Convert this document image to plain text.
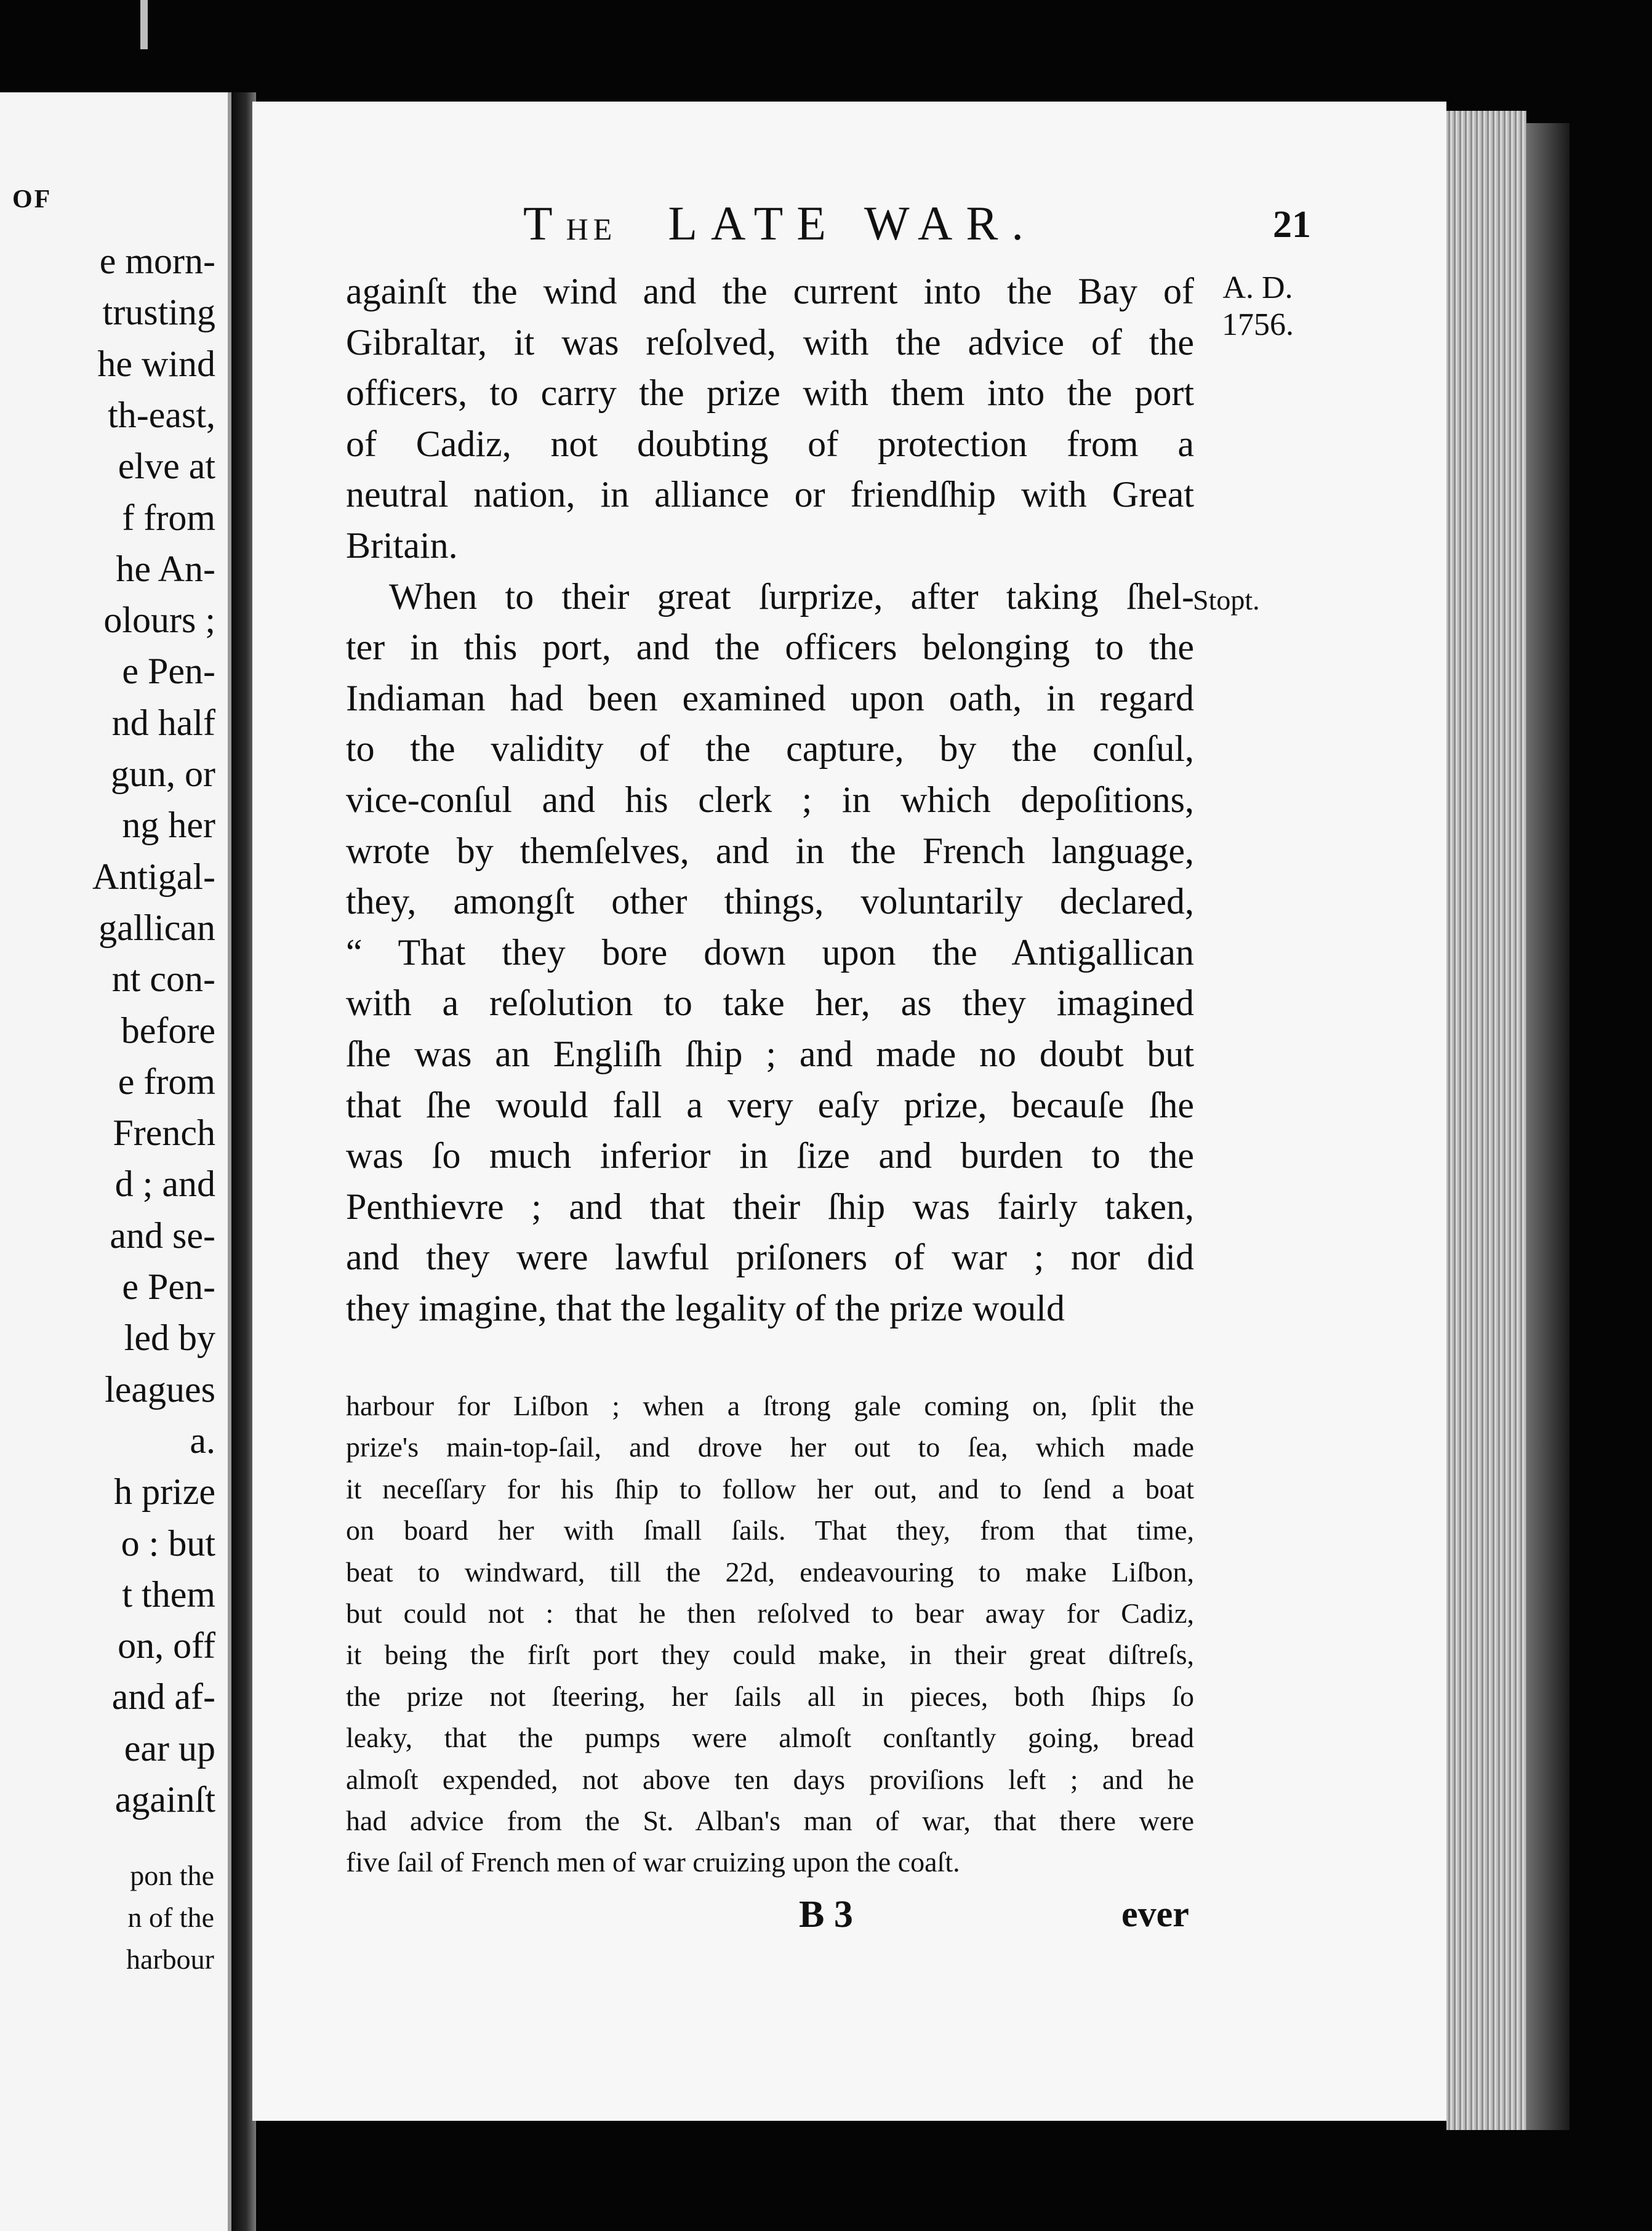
OF
e morn-
trusting
he wind
th-east,
elve at
f from
he An-
olours ;
e Pen-
nd half
gun, or
ng her
Antigal-
gallican
nt con-
before
e from
French
d ; and
and se-
e Pen-
led by
leagues
a.
h prize
o : but
t them
on, off
and af-
ear up
againſt
pon the
n of the
harbour
THE LATE WAR.	21
A. D.
1756.
Stopt.
againſt the wind and the current into the Bay of
Gibraltar, it was reſolved, with the advice of the
officers, to carry the prize with them into the port
of Cadiz, not doubting of protection from a
neutral nation, in alliance or friendſhip with Great
Britain.
When to their great ſurprize, after taking ſhel-
ter in this port, and the officers belonging to the
Indiaman had been examined upon oath, in regard
to the validity of the capture, by the conſul,
vice-conſul and his clerk ; in which depoſitions,
wrote by themſelves, and in the French language,
they, amongſt other things, voluntarily declared,
“ That they bore down upon the Antigallican
with a reſolution to take her, as they imagined
ſhe was an Engliſh ſhip ; and made no doubt but
that ſhe would fall a very eaſy prize, becauſe ſhe
was ſo much inferior in ſize and burden to the
Penthievre ; and that their ſhip was fairly taken,
and they were lawful priſoners of war ; nor did
they imagine, that the legality of the prize would
harbour for Liſbon ; when a ſtrong gale coming on, ſplit the
prize's main-top-ſail, and drove her out to ſea, which made
it neceſſary for his ſhip to follow her out, and to ſend a boat
on board her with ſmall ſails. That they, from that time,
beat to windward, till the 22d, endeavouring to make Liſbon,
but could not : that he then reſolved to bear away for Cadiz,
it being the firſt port they could make, in their great diſtreſs,
the prize not ſteering, her ſails all in pieces, both ſhips ſo
leaky, that the pumps were almoſt conſtantly going, bread
almoſt expended, not above ten days proviſions left ; and he
had advice from the St. Alban's man of war, that there were
five ſail of French men of war cruizing upon the coaſt.
B 3	ever
